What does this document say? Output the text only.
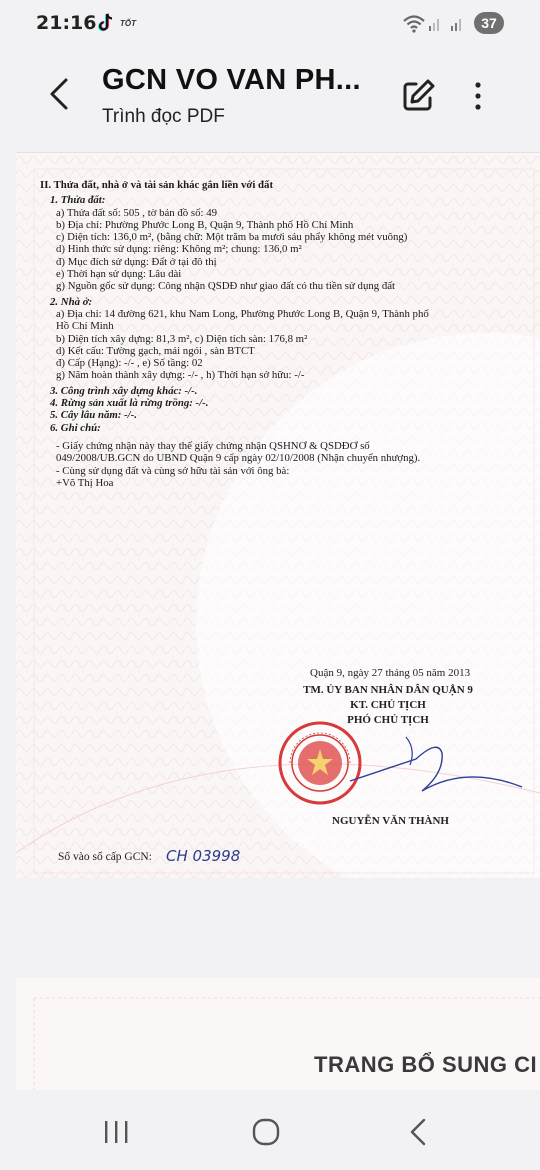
21:16	TỐT	37
GCN VO VAN PH...
Trình đọc PDF
II. Thửa đất, nhà ở và tài sản khác gắn liền với đất
1. Thửa đất:
a) Thửa đất số: 505 , tờ bản đồ số: 49
b) Địa chỉ: Phường Phước Long B, Quận 9, Thành phố Hồ Chí Minh
c) Diện tích: 136,0 m², (bằng chữ: Một trăm ba mươi sáu phẩy không mét vuông)
d) Hình thức sử dụng: riêng: Không m²; chung: 136,0 m²
đ) Mục đích sử dụng: Đất ở tại đô thị
e) Thời hạn sử dụng: Lâu dài
g) Nguồn gốc sử dụng: Công nhận QSDĐ như giao đất có thu tiền sử dụng đất
2. Nhà ở:
a) Địa chỉ: 14 đường 621, khu Nam Long, Phường Phước Long B, Quận 9, Thành phố
Hồ Chí Minh
b) Diện tích xây dựng: 81,3 m², c) Diện tích sàn: 176,8 m²
d) Kết cấu: Tường gạch, mái ngói , sàn BTCT
đ) Cấp (Hạng): -/- , e) Số tầng: 02
g) Năm hoàn thành xây dựng: -/- , h) Thời hạn sở hữu: -/-
3. Công trình xây dựng khác: -/-.
4. Rừng sản xuất là rừng trồng: -/-.
5. Cây lâu năm: -/-.
6. Ghi chú:
- Giấy chứng nhận này thay thế giấy chứng nhận QSHNƠ & QSDĐƠ số
049/2008/UB.GCN do UBND Quận 9 cấp ngày 02/10/2008 (Nhận chuyển nhượng).
- Cùng sử dụng đất và cùng sở hữu tài sản với ông bà:
+Võ Thị Hoa
Quận 9, ngày 27 tháng 05 năm 2013
TM. ỦY BAN NHÂN DÂN QUẬN 9
KT. CHỦ TỊCH
PHÓ CHỦ TỊCH
NGUYỄN VĂN THÀNH
Sổ vào sổ cấp GCN: CH 03998
TRANG BỔ SUNG CI
